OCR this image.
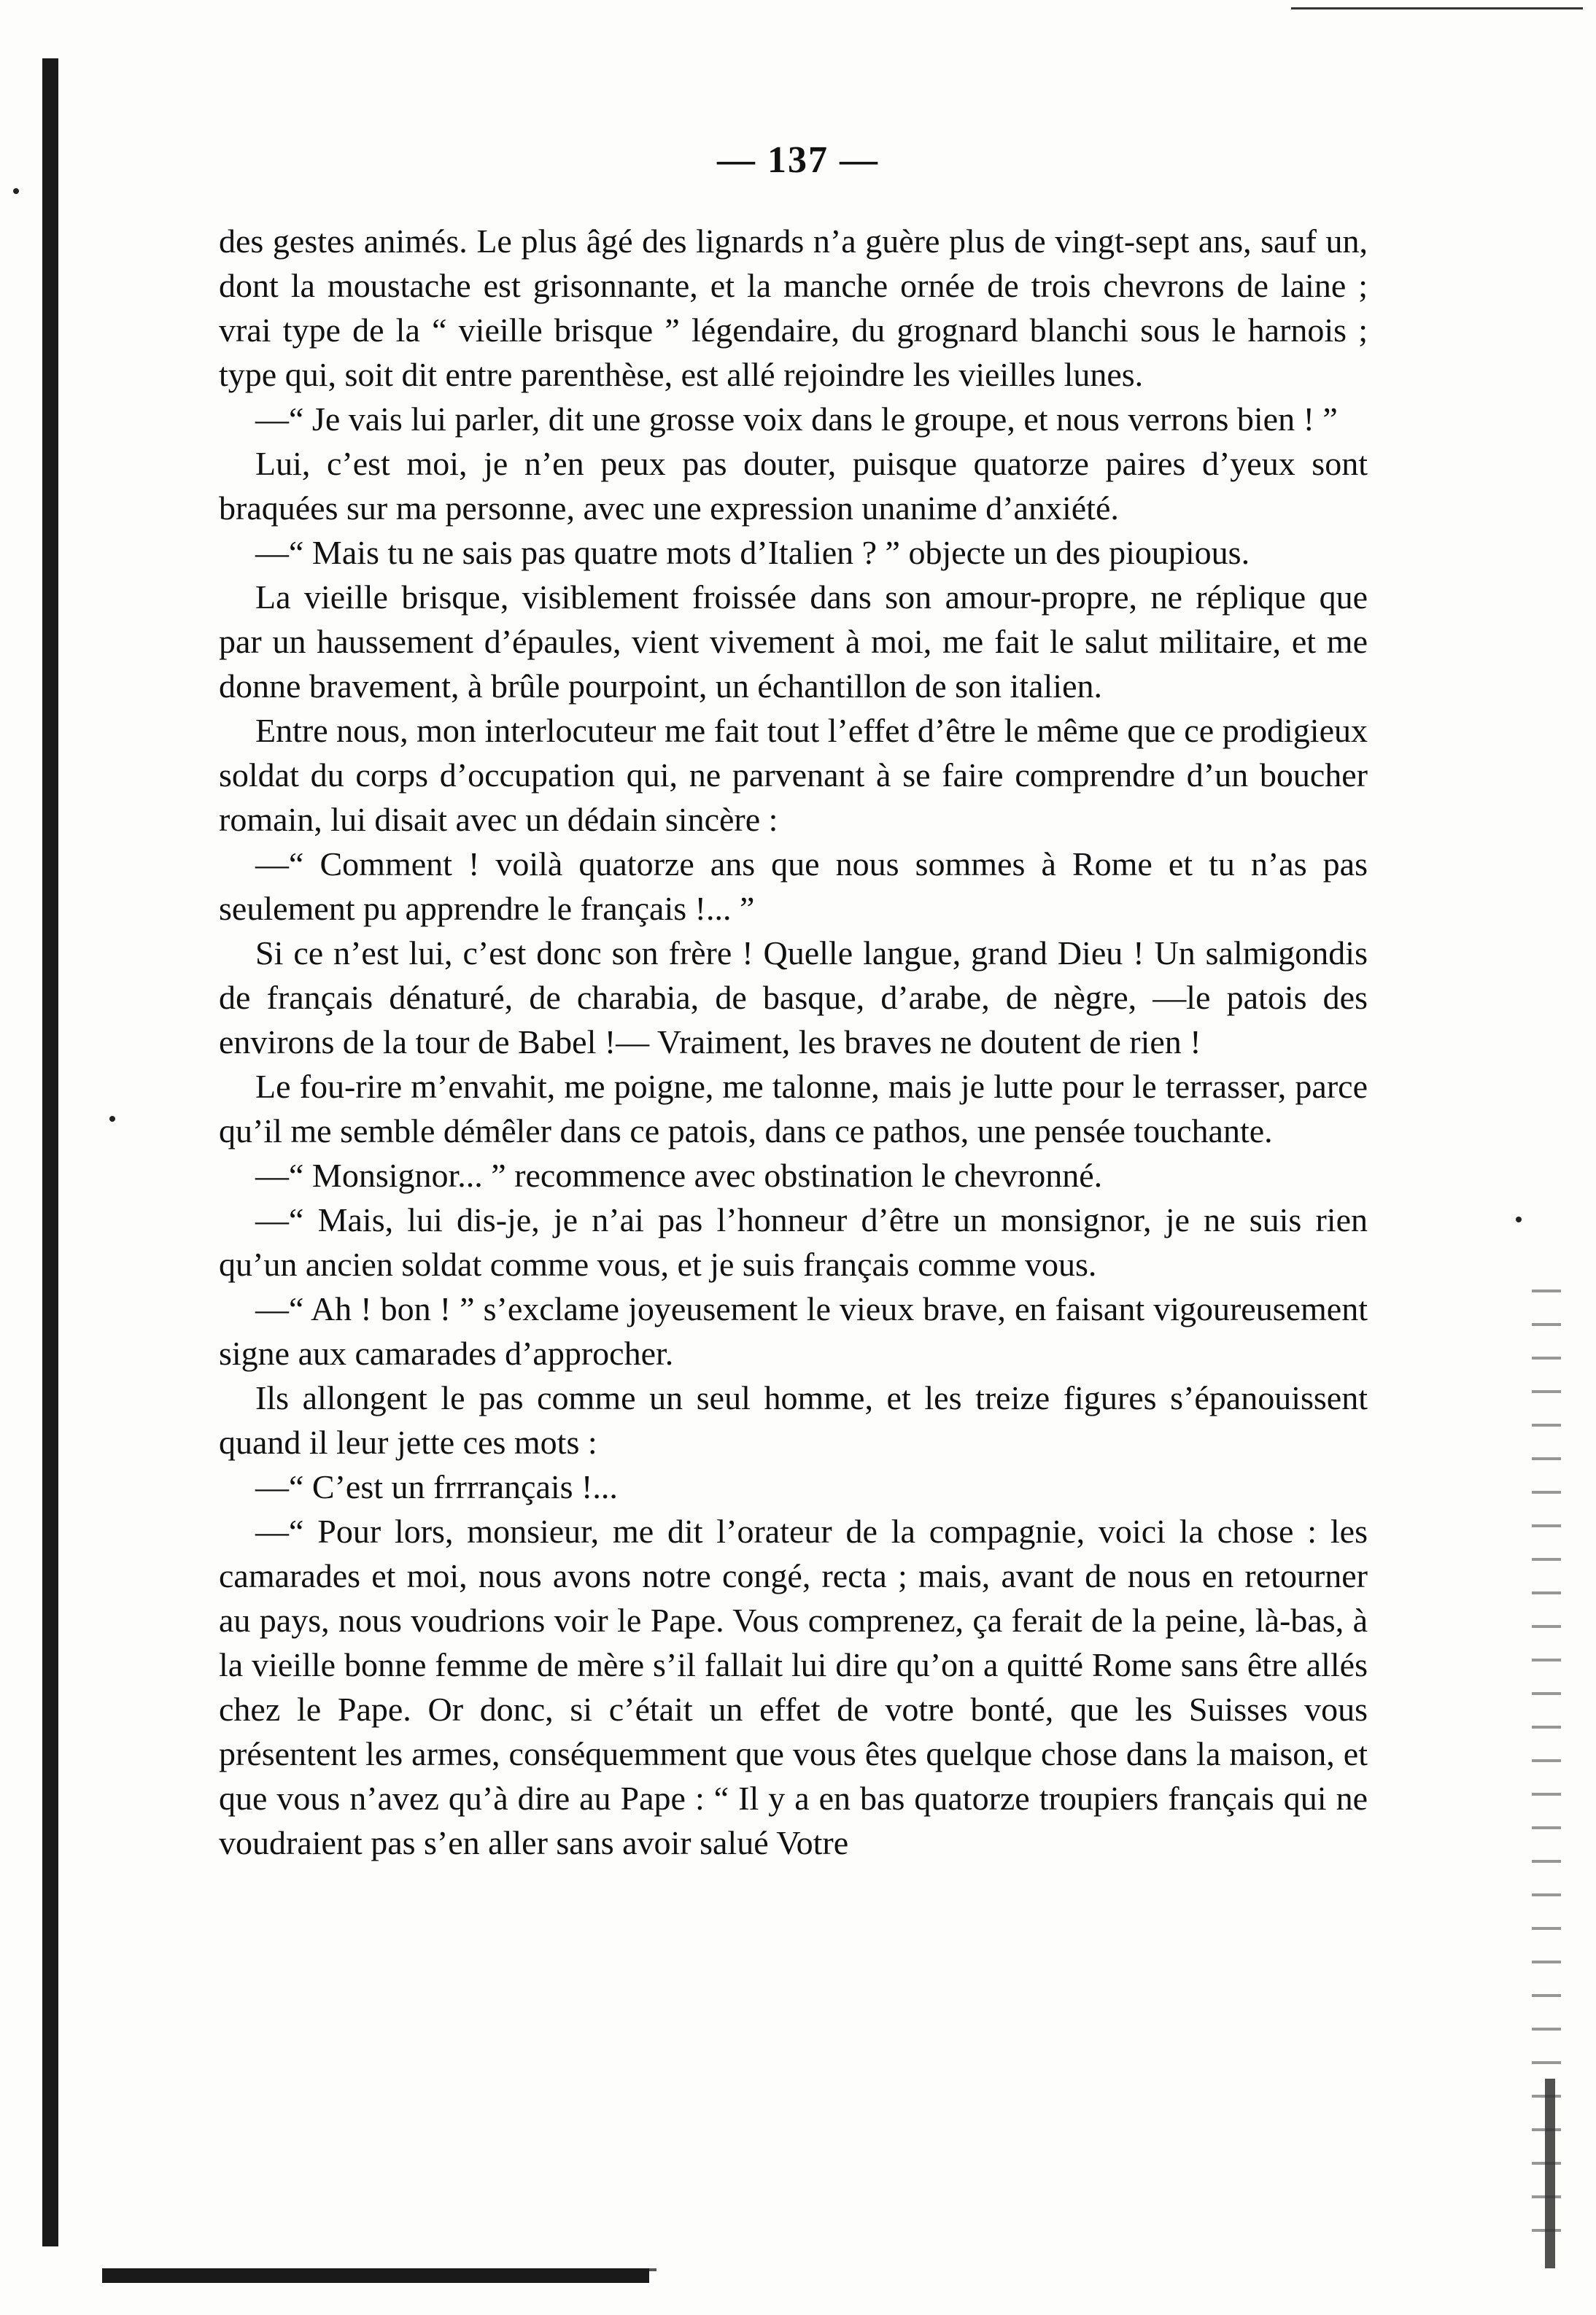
— 137 —

des gestes animés. Le plus âgé des lignards n’a guère plus de vingt-sept ans, sauf un, dont la moustache est grisonnante, et la manche ornée de trois chevrons de laine ; vrai type de la “ vieille brisque ” légendaire, du grognard blanchi sous le harnois ; type qui, soit dit entre parenthèse, est allé rejoindre les vieilles lunes.

—“ Je vais lui parler, dit une grosse voix dans le groupe, et nous verrons bien ! ”

Lui, c’est moi, je n’en peux pas douter, puisque quatorze paires d’yeux sont braquées sur ma personne, avec une expression unanime d’anxiété.

—“ Mais tu ne sais pas quatre mots d’Italien ? ” objecte un des pioupious.

La vieille brisque, visiblement froissée dans son amour-propre, ne réplique que par un haussement d’épaules, vient vivement à moi, me fait le salut militaire, et me donne bravement, à brûle pourpoint, un échantillon de son italien.

Entre nous, mon interlocuteur me fait tout l’effet d’être le même que ce prodigieux soldat du corps d’occupation qui, ne parvenant à se faire comprendre d’un boucher romain, lui disait avec un dédain sincère :

—“ Comment ! voilà quatorze ans que nous sommes à Rome et tu n’as pas seulement pu apprendre le français !... ”

Si ce n’est lui, c’est donc son frère ! Quelle langue, grand Dieu ! Un salmigondis de français dénaturé, de charabia, de basque, d’arabe, de nègre, —le patois des environs de la tour de Babel !— Vraiment, les braves ne doutent de rien !

Le fou-rire m’envahit, me poigne, me talonne, mais je lutte pour le terrasser, parce qu’il me semble démêler dans ce patois, dans ce pathos, une pensée touchante.

—“ Monsignor... ” recommence avec obstination le chevronné.

—“ Mais, lui dis-je, je n’ai pas l’honneur d’être un monsignor, je ne suis rien qu’un ancien soldat comme vous, et je suis français comme vous.

—“ Ah ! bon ! ” s’exclame joyeusement le vieux brave, en faisant vigoureusement signe aux camarades d’approcher.

Ils allongent le pas comme un seul homme, et les treize figures s’épanouissent quand il leur jette ces mots :

—“ C’est un frrrrançais !...

—“ Pour lors, monsieur, me dit l’orateur de la compagnie, voici la chose : les camarades et moi, nous avons notre congé, recta ; mais, avant de nous en retourner au pays, nous voudrions voir le Pape. Vous comprenez, ça ferait de la peine, là-bas, à la vieille bonne femme de mère s’il fallait lui dire qu’on a quitté Rome sans être allés chez le Pape. Or donc, si c’était un effet de votre bonté, que les Suisses vous présentent les armes, conséquemment que vous êtes quelque chose dans la maison, et que vous n’avez qu’à dire au Pape : “ Il y a en bas quatorze troupiers français qui ne voudraient pas s’en aller sans avoir salué Votre
